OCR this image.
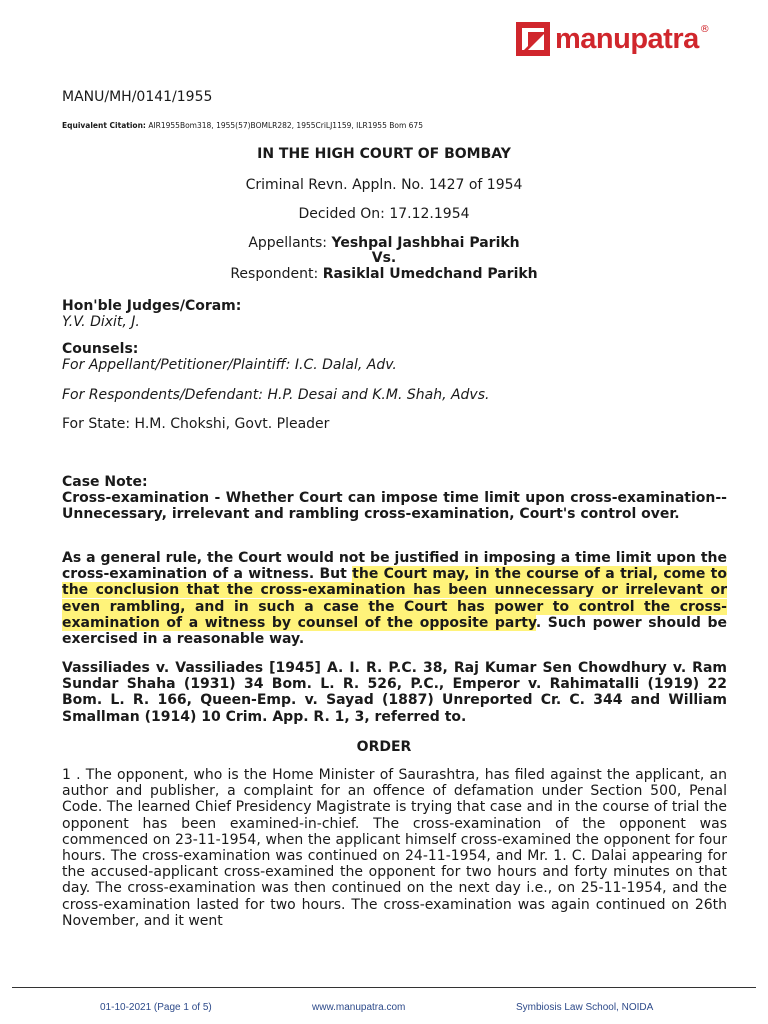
manupatra ®
MANU/MH/0141/1955
Equivalent Citation: AIR1955Bom318, 1955(57)BOMLR282, 1955CriLJ1159, ILR1955 Bom 675
IN THE HIGH COURT OF BOMBAY
Criminal Revn. Appln. No. 1427 of 1954
Decided On: 17.12.1954
Appellants: Yeshpal Jashbhai Parikh
Vs.
Respondent: Rasiklal Umedchand Parikh
Hon'ble Judges/Coram:
Y.V. Dixit, J.
Counsels:
For Appellant/Petitioner/Plaintiff: I.C. Dalal, Adv.
For Respondents/Defendant: H.P. Desai and K.M. Shah, Advs.
For State: H.M. Chokshi, Govt. Pleader
Case Note:
Cross-examination - Whether Court can impose time limit upon cross-examination--Unnecessary, irrelevant and rambling cross-examination, Court's control over.
As a general rule, the Court would not be justified in imposing a time limit upon the cross-examination of a witness. But the Court may, in the course of a trial, come to the conclusion that the cross-examination has been unnecessary or irrelevant or even rambling, and in such a case the Court has power to control the cross-examination of a witness by counsel of the opposite party. Such power should be exercised in a reasonable way.
Vassiliades v. Vassiliades [1945] A. I. R. P.C. 38, Raj Kumar Sen Chowdhury v. Ram Sundar Shaha (1931) 34 Bom. L. R. 526, P.C., Emperor v. Rahimatalli (1919) 22 Bom. L. R. 166, Queen-Emp. v. Sayad (1887) Unreported Cr. C. 344 and William Smallman (1914) 10 Crim. App. R. 1, 3, referred to.
ORDER
1 . The opponent, who is the Home Minister of Saurashtra, has filed against the applicant, an author and publisher, a complaint for an offence of defamation under Section 500, Penal Code. The learned Chief Presidency Magistrate is trying that case and in the course of trial the opponent has been examined-in-chief. The cross-examination of the opponent was commenced on 23-11-1954, when the applicant himself cross-examined the opponent for four hours. The cross-examination was continued on 24-11-1954, and Mr. 1. C. Dalai appearing for the accused-applicant cross-examined the opponent for two hours and forty minutes on that day. The cross-examination was then continued on the next day i.e., on 25-11-1954, and the cross-examination lasted for two hours. The cross-examination was again continued on 26th November, and it went
01-10-2021 (Page 1 of 5)	www.manupatra.com	Symbiosis Law School, NOIDA
